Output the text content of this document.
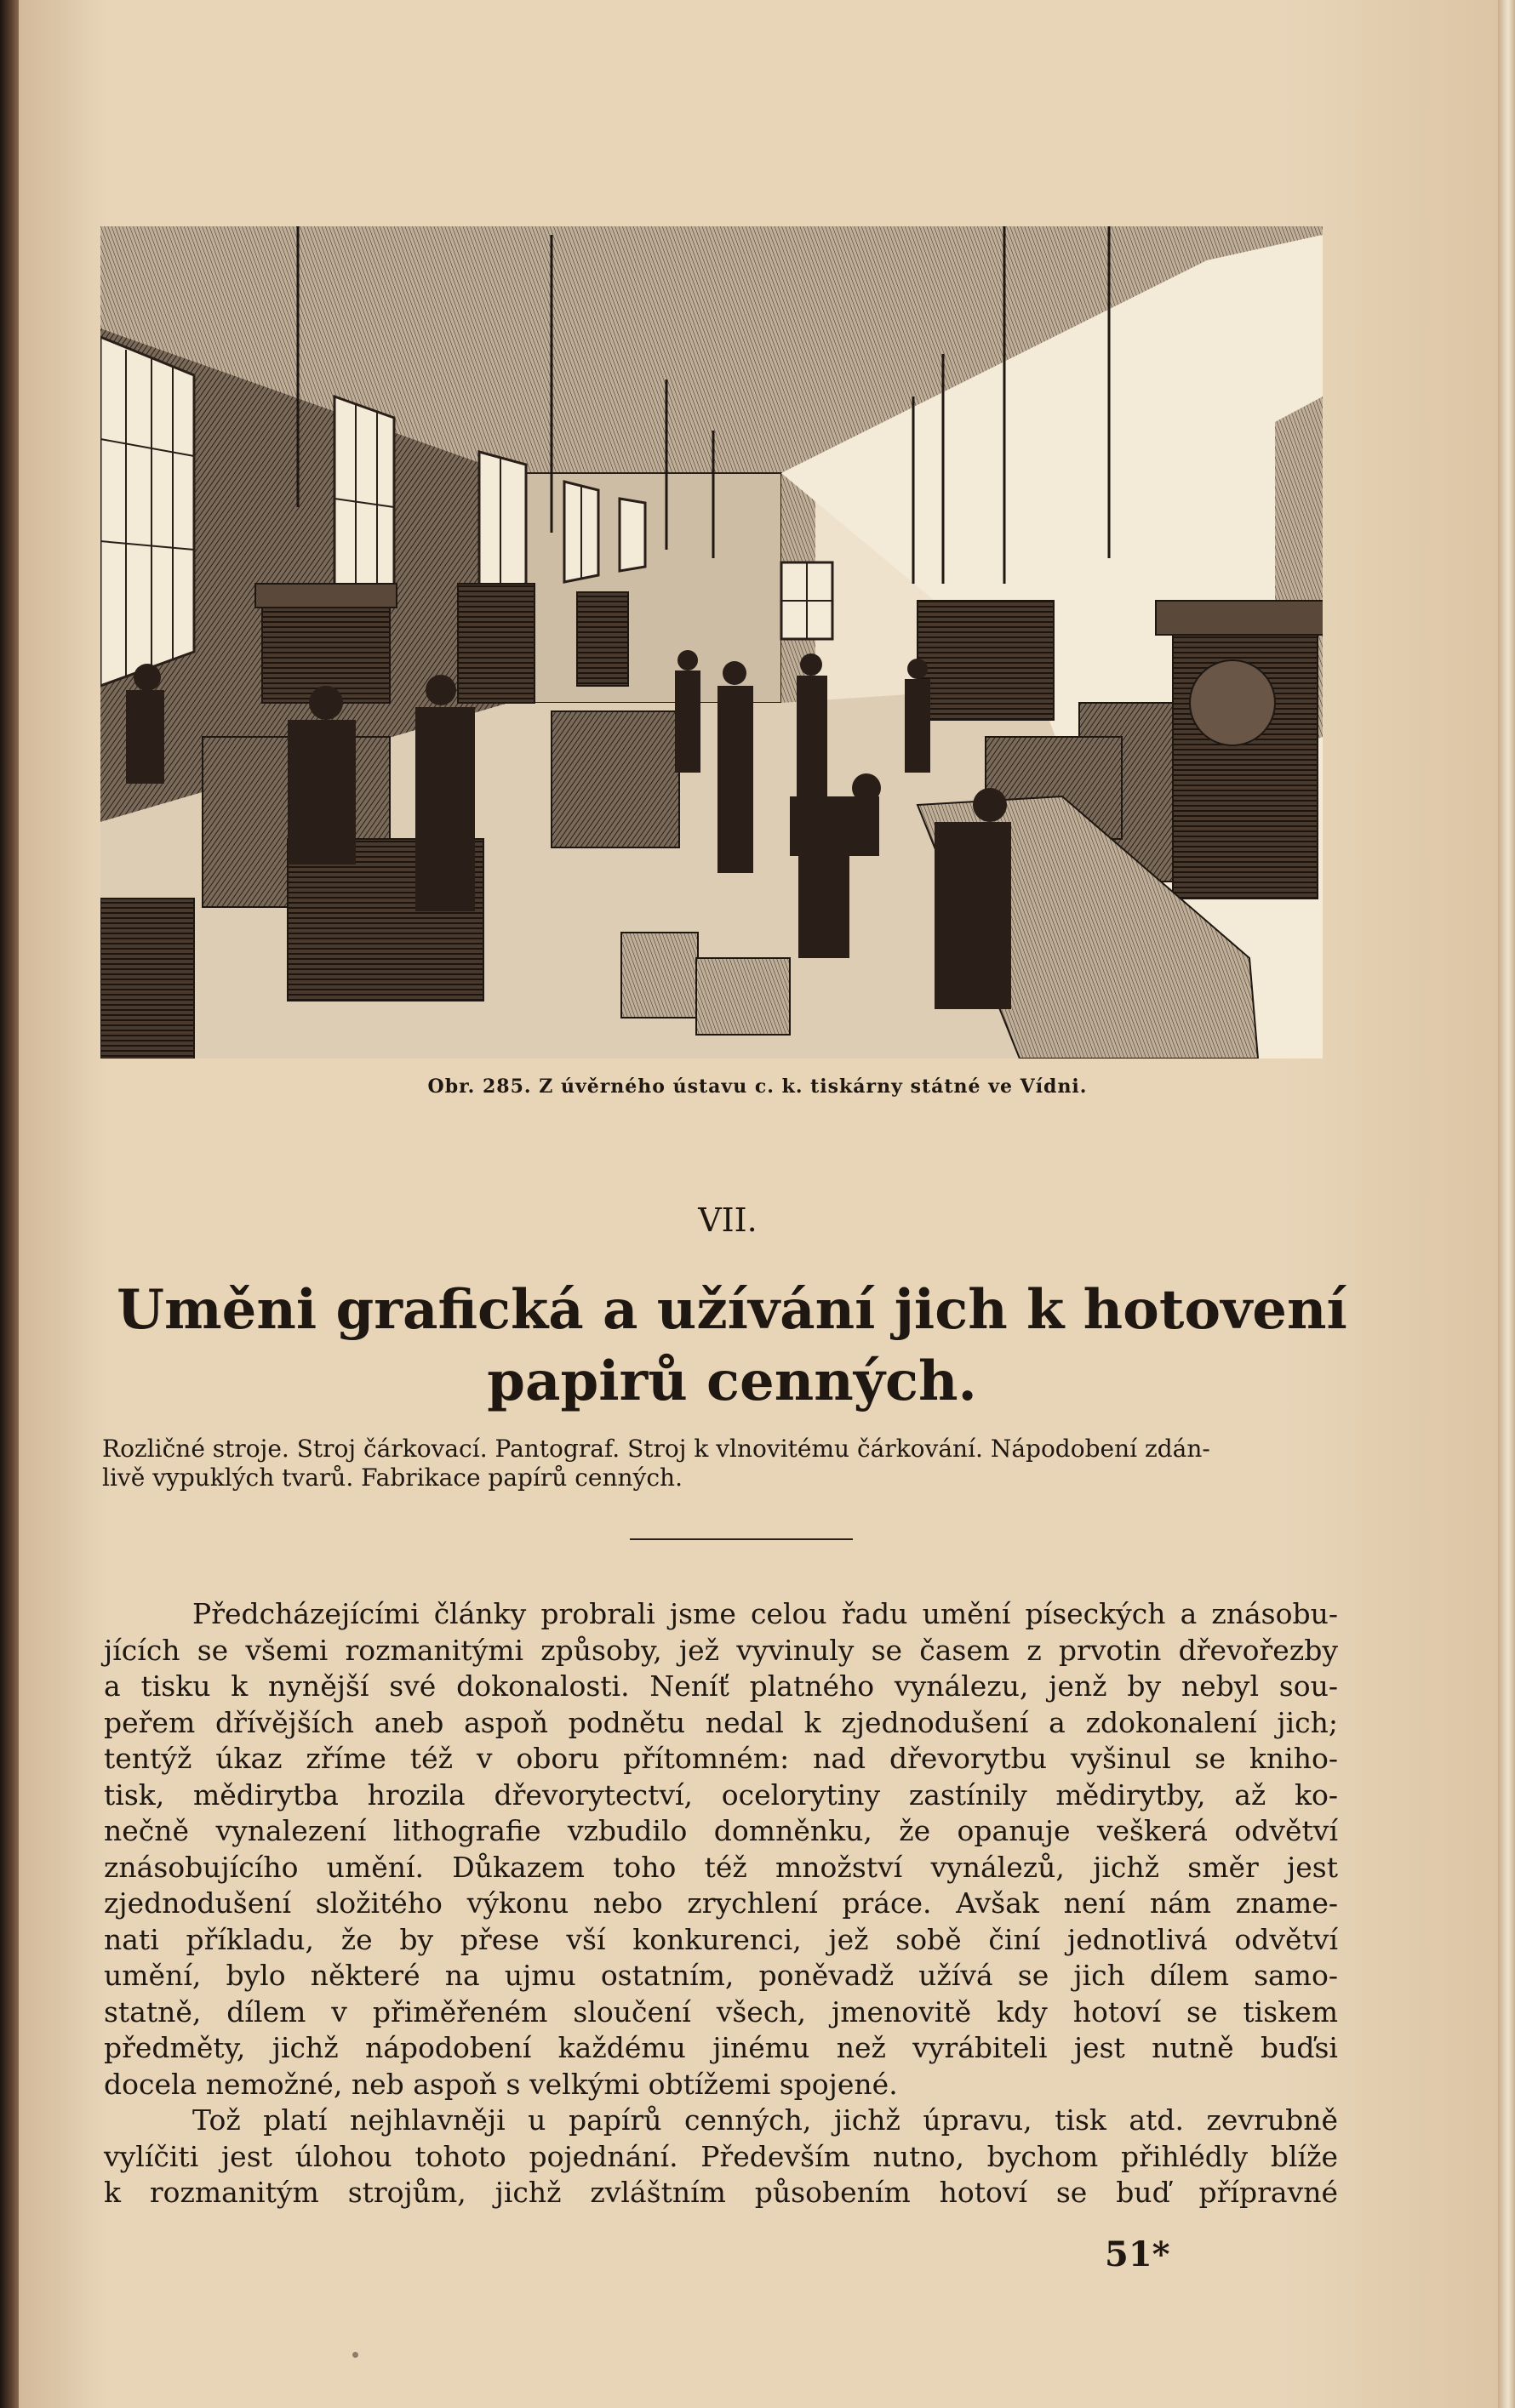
Obr. 285. Z úvěrného ústavu c. k. tiskárny státné ve Vídni.
VII.
Uměni grafická a užívání jich k hotovení
papirů cenných.
Rozličné stroje. Stroj čárkovací. Pantograf. Stroj k vlnovitému čárkování. Nápodobení zdán-
livě vypuklých tvarů. Fabrikace papírů cenných.
Předcházejícími články probrali jsme celou řadu umění píseckých a znásobu-
jících se všemi rozmanitými způsoby, jež vyvinuly se časem z prvotin dřevořezby
a tisku k nynější své dokonalosti. Neníť platného vynálezu, jenž by nebyl sou-
peřem dřívějších aneb aspoň podnětu nedal k zjednodušení a zdokonalení jich;
tentýž úkaz zříme též v oboru přítomném: nad dřevorytbu vyšinul se kniho-
tisk, mědirytba hrozila dřevorytectví, ocelorytiny zastínily mědirytby, až ko-
nečně vynalezení lithografie vzbudilo domněnku, že opanuje veškerá odvětví
znásobujícího umění. Důkazem toho též množství vynálezů, jichž směr jest
zjednodušení složitého výkonu nebo zrychlení práce. Avšak není nám zname-
nati příkladu, že by přese vší konkurenci, jež sobě činí jednotlivá odvětví
umění, bylo některé na ujmu ostatním, poněvadž užívá se jich dílem samo-
statně, dílem v přiměřeném sloučení všech, jmenovitě kdy hotoví se tiskem
předměty, jichž nápodobení každému jinému než vyrábiteli jest nutně buďsi
docela nemožné, neb aspoň s velkými obtížemi spojené.
Tož platí nejhlavněji u papírů cenných, jichž úpravu, tisk atd. zevrubně
vylíčiti jest úlohou tohoto pojednání. Především nutno, bychom přihlédly blíže
k rozmanitým strojům, jichž zvláštním působením hotoví se buď přípravné
51*
